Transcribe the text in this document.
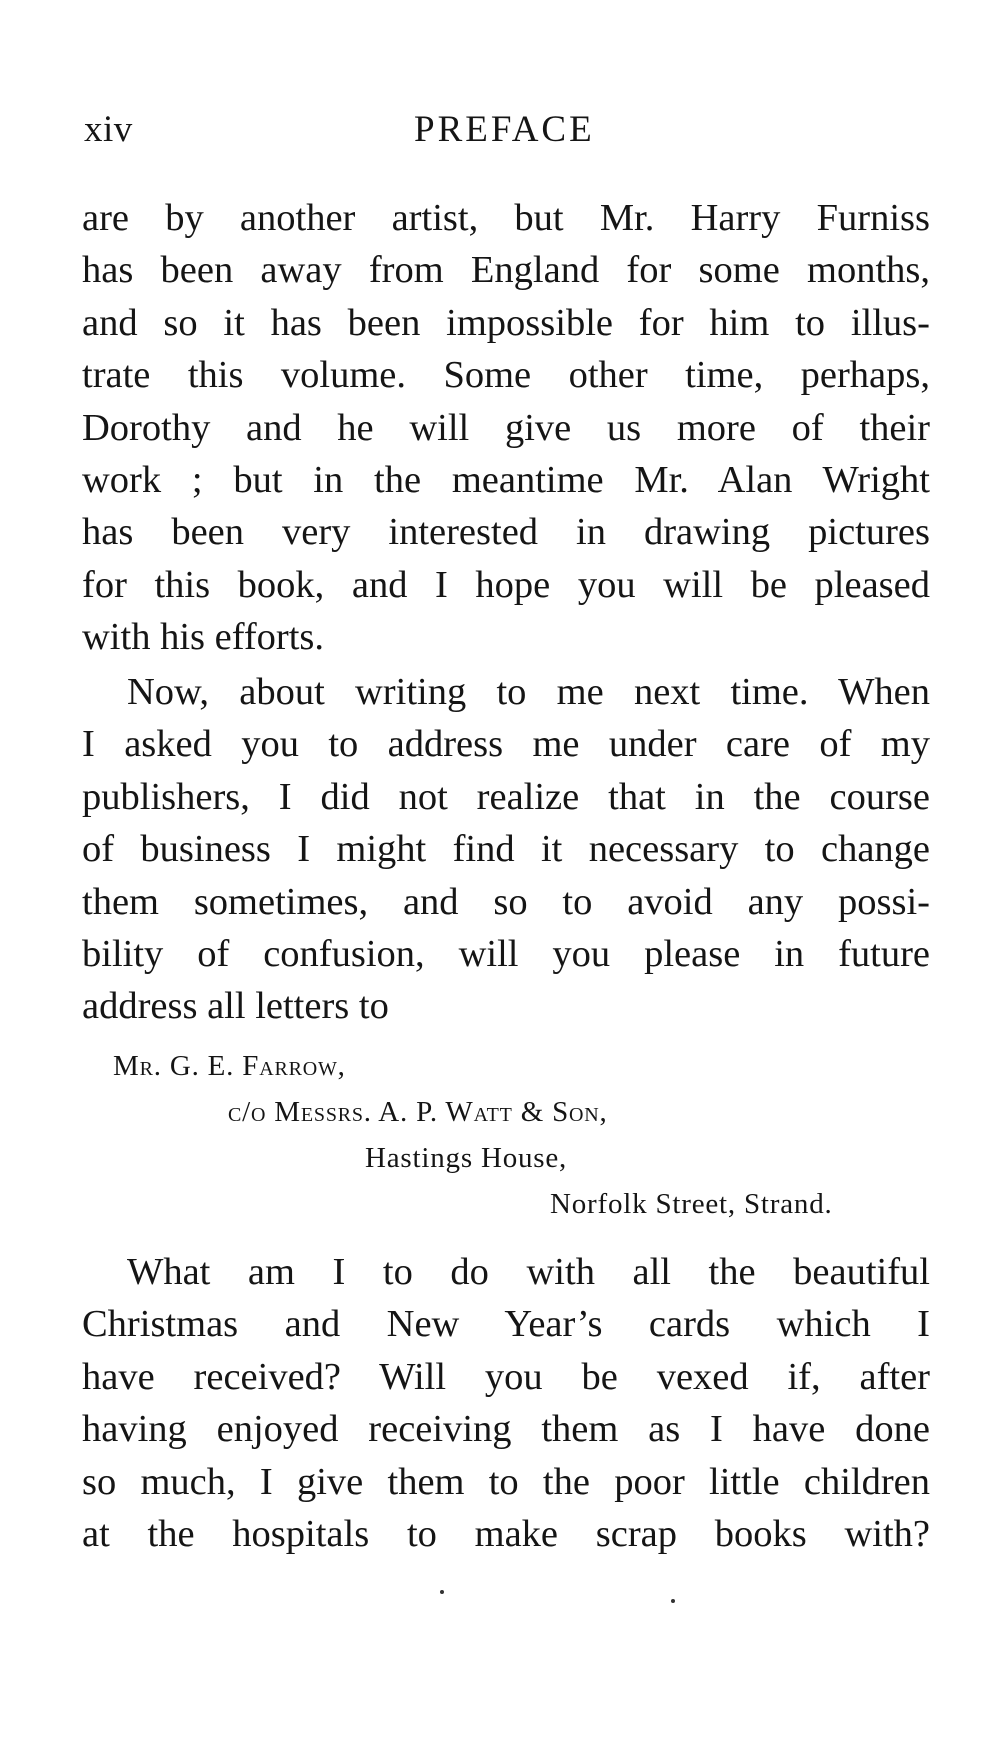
xiv	PREFACE
are by another artist, but Mr. Harry Furniss
has been away from England for some months,
and so it has been impossible for him to illus-
trate this volume. Some other time, perhaps,
Dorothy and he will give us more of their
work ; but in the meantime Mr. Alan Wright
has been very interested in drawing pictures
for this book, and I hope you will be pleased
with his efforts.
Now, about writing to me next time. When
I asked you to address me under care of my
publishers, I did not realize that in the course
of business I might find it necessary to change
them sometimes, and so to avoid any possi-
bility of confusion, will you please in future
address all letters to
Mr. G. E. Farrow,
c/o Messrs. A. P. Watt & Son,
Hastings House,
Norfolk Street, Strand.
What am I to do with all the beautiful
Christmas and New Year’s cards which I
have received? Will you be vexed if, after
having enjoyed receiving them as I have done
so much, I give them to the poor little children
at the hospitals to make scrap books with?
